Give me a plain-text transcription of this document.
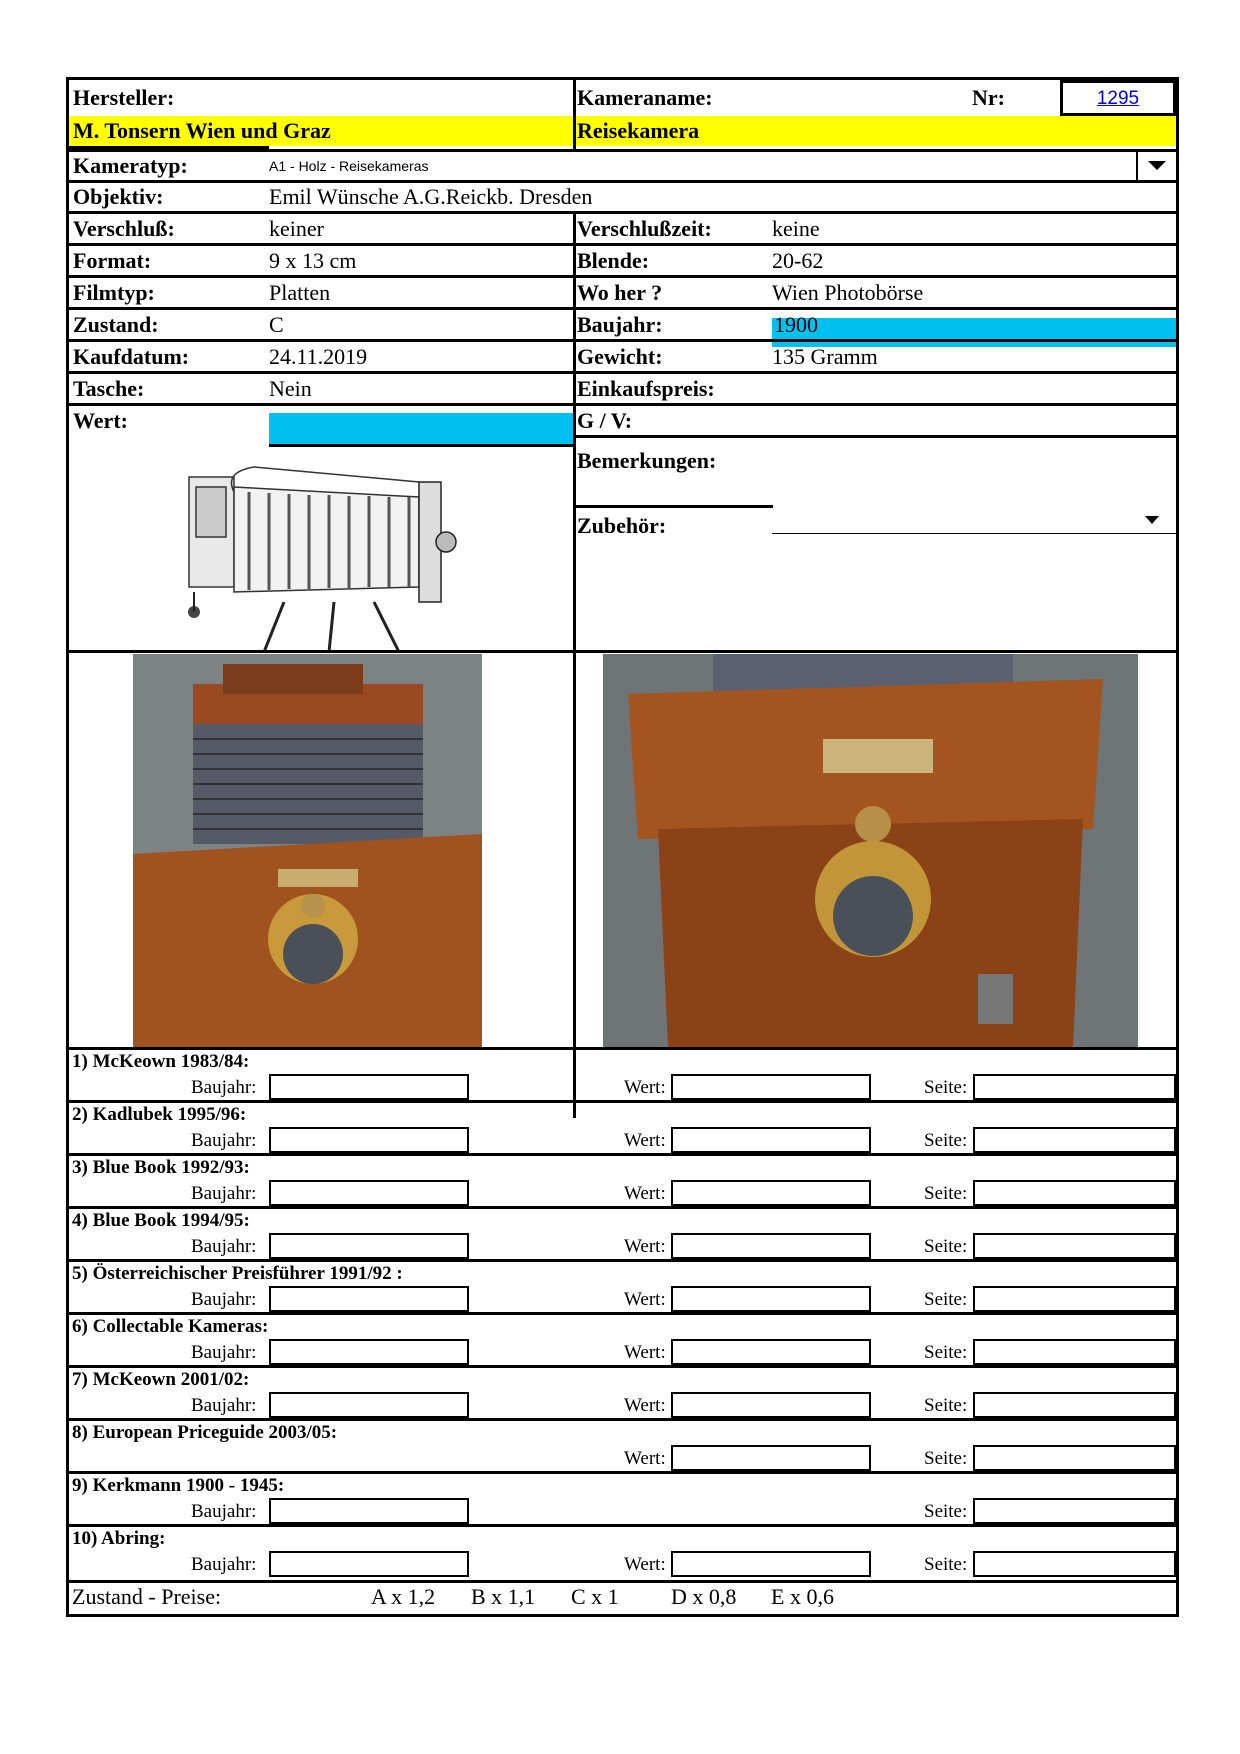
Hersteller:	Kameraname:	Nr:	1295
M. Tonsern Wien und Graz	Reisekamera
Kameratyp:	A1 - Holz - Reisekameras
Objektiv:	Emil Wünsche A.G.Reickb. Dresden
Verschluß:	keiner
Format:	9 x 13 cm
Filmtyp:	Platten
Zustand:	C
Kaufdatum:	24.11.2019
Tasche:	Nein
Wert:
Verschlußzeit:	keine
Blende:	20-62
Wo her ?	Wien Photobörse
Baujahr:	1900
Gewicht:	135 Gramm
Einkaufspreis:
G / V:
Bemerkungen:
Zubehör:
1) McKeown 1983/84:
Baujahr:	Wert:	Seite:
2) Kadlubek 1995/96:
Baujahr:	Wert:	Seite:
3) Blue Book 1992/93:
Baujahr:	Wert:	Seite:
4) Blue Book 1994/95:
Baujahr:	Wert:	Seite:
5) Österreichischer Preisführer 1991/92 :
Baujahr:	Wert:	Seite:
6) Collectable Kameras:
Baujahr:	Wert:	Seite:
7) McKeown 2001/02:
Baujahr:	Wert:	Seite:
8) European Priceguide 2003/05:
Wert:	Seite:
9) Kerkmann 1900 - 1945:
Baujahr:	Seite:
10) Abring:
Baujahr:	Wert:	Seite:
Zustand - Preise:	A x 1,2 B x 1,1 C x 1 D x 0,8 E x 0,6
